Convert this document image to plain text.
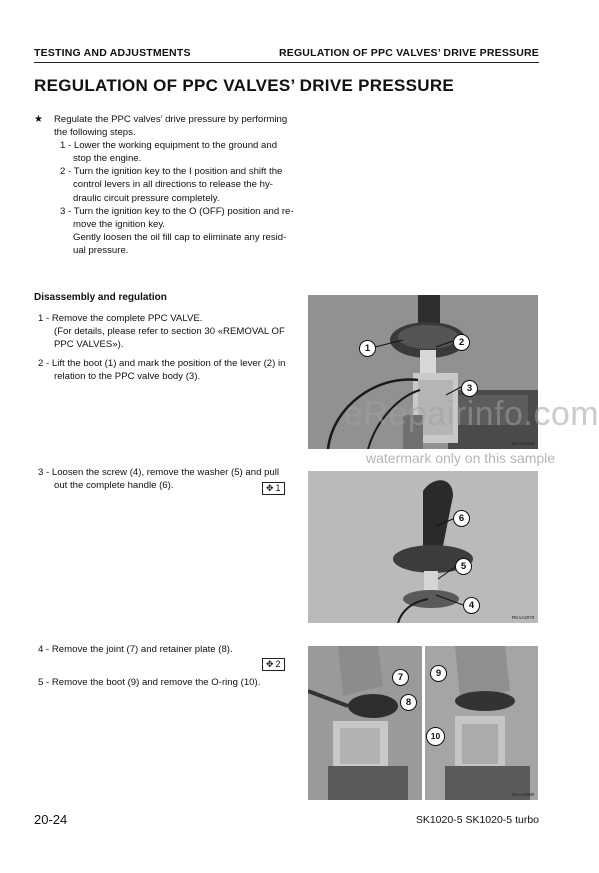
TESTING AND ADJUSTMENTS	REGULATION OF PPC VALVES’ DRIVE PRESSURE
REGULATION OF PPC VALVES’ DRIVE PRESSURE
★ Regulate the PPC valves’ drive pressure by performing
the following steps.
1 - Lower the working equipment to the ground and
stop the engine.
2 - Turn the ignition key to the I position and shift the
control levers in all directions to release the hy-
draulic circuit pressure completely.
3 - Turn the ignition key to the O (OFF) position and re-
move the ignition key.
Gently loosen the oil fill cap to eliminate any resid-
ual pressure.
Disassembly and regulation
1 - Remove the complete PPC VALVE.
(For details, please refer to section 30 «REMOVAL OF
PPC VALVES»).
2 - Lift the boot (1) and mark the position of the lever (2) in
relation to the PPC valve body (3).
3 - Loosen the screw (4), remove the washer (5) and pull
out the complete handle (6).	✥ 1
4 - Remove the joint (7) and retainer plate (8).
5 - Remove the boot (9) and remove the O-ring (10).
✥ 2
1
2
3
RKAA2060
6
5
4
RKAA2070
7
8
9
10
RKAA2080
eRepairinfo.com
watermark only on this sample
20-24	SK1020-5 SK1020-5 turbo
